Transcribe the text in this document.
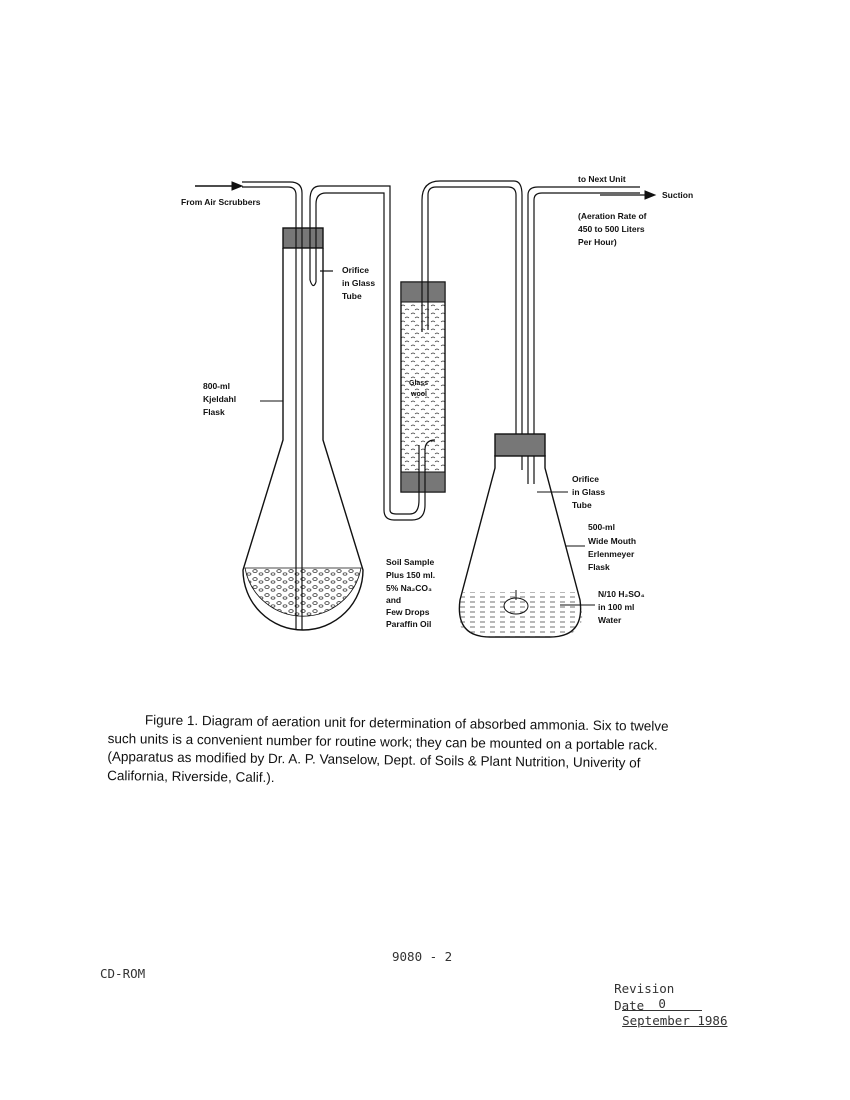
From Air Scrubbers
to Next Unit
Suction
(Aeration Rate of
450 to 500 Liters
Per Hour)
Orifice
in Glass
Tube
800-ml
Kjeldahl
Flask
Glass
wool
Orifice
in Glass
Tube
500-ml
Wide Mouth
Erlenmeyer
Flask
Soil Sample
Plus 150 ml.
5% Na₂CO₃
and
Few Drops
Paraffin Oil
N/10 H₂SO₄
in 100 ml
Water
Figure 1. Diagram of aeration unit for determination of absorbed ammonia. Six to twelve
such units is a convenient number for routine work; they can be mounted on a portable rack.
(Apparatus as modified by Dr. A. P. Vanselow, Dept. of Soils & Plant Nutrition, Univerity of
California, Riverside, Calif.).
9080 - 2
CD-ROM

Revision
0

Date
September 1986
